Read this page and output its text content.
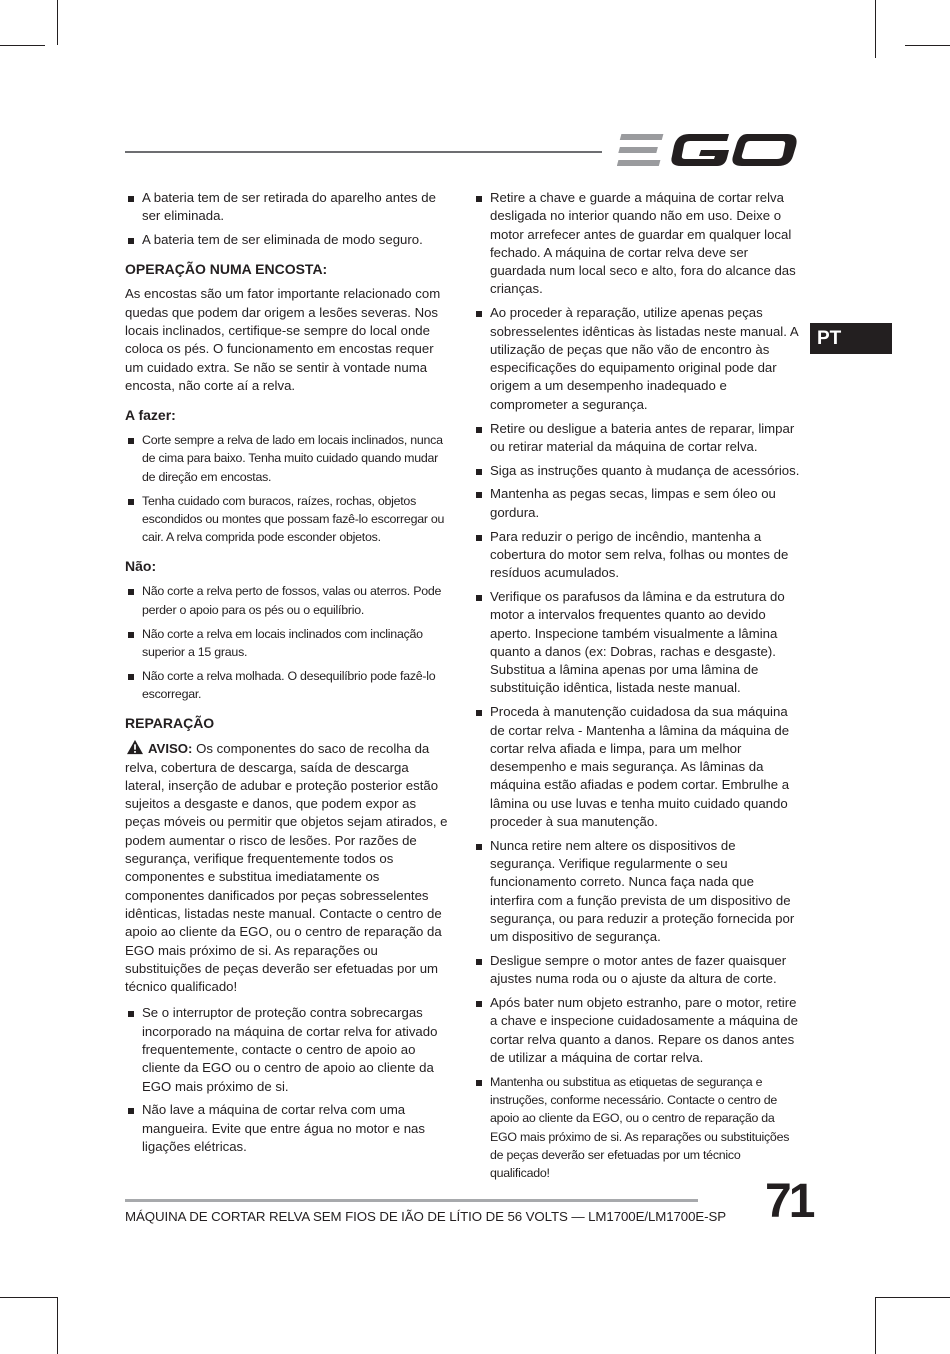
PT
A bateria tem de ser retirada do aparelho antes de ser eliminada.
A bateria tem de ser eliminada de modo seguro.
OPERAÇÃO NUMA ENCOSTA:

As encostas são um fator importante relacionado com quedas que podem dar origem a lesões severas. Nos locais inclinados, certifique-se sempre do local onde coloca os pés. O funcionamento em encostas requer um cuidado extra. Se não se sentir à vontade numa encosta, não corte aí a relva.

A fazer:
Corte sempre a relva de lado em locais inclinados, nunca de cima para baixo. Tenha muito cuidado quando mudar de direção em encostas.
Tenha cuidado com buracos, raízes, rochas, objetos escondidos ou montes que possam fazê-lo escorregar ou cair. A relva comprida pode esconder objetos.
Não:
Não corte a relva perto de fossos, valas ou aterros. Pode perder o apoio para os pés ou o equilíbrio.
Não corte a relva em locais inclinados com inclinação superior a 15 graus.
Não corte a relva molhada. O desequilíbrio pode fazê-lo escorregar.
REPARAÇÃO

AVISO: Os componentes do saco de recolha da relva, cobertura de descarga, saída de descarga lateral, inserção de adubar e proteção posterior estão sujeitos a desgaste e danos, que podem expor as peças móveis ou permitir que objetos sejam atirados, e podem aumentar o risco de lesões. Por razões de segurança, verifique frequentemente todos os componentes e substitua imediatamente os componentes danificados por peças sobresselentes idênticas, listadas neste manual. Contacte o centro de apoio ao cliente da EGO, ou o centro de reparação da EGO mais próximo de si. As reparações ou substituições de peças deverão ser efetuadas por um técnico qualificado!

Se o interruptor de proteção contra sobrecargas incorporado na máquina de cortar relva for ativado frequentemente, contacte o centro de apoio ao cliente da EGO ou o centro de apoio ao cliente da EGO mais próximo de si.
Não lave a máquina de cortar relva com uma mangueira. Evite que entre água no motor e nas ligações elétricas.
Retire a chave e guarde a máquina de cortar relva desligada no interior quando não em uso. Deixe o motor arrefecer antes de guardar em qualquer local fechado. A máquina de cortar relva deve ser guardada num local seco e alto, fora do alcance das crianças.
Ao proceder à reparação, utilize apenas peças sobresselentes idênticas às listadas neste manual. A utilização de peças que não vão de encontro às especificações do equipamento original pode dar origem a um desempenho inadequado e comprometer a segurança.
Retire ou desligue a bateria antes de reparar, limpar ou retirar material da máquina de cortar relva.
Siga as instruções quanto à mudança de acessórios.
Mantenha as pegas secas, limpas e sem óleo ou gordura.
Para reduzir o perigo de incêndio, mantenha a cobertura do motor sem relva, folhas ou montes de resíduos acumulados.
Verifique os parafusos da lâmina e da estrutura do motor a intervalos frequentes quanto ao devido aperto. Inspecione também visualmente a lâmina quanto a danos (ex: Dobras, rachas e desgaste). Substitua a lâmina apenas por uma lâmina de substituição idêntica, listada neste manual.
Proceda à manutenção cuidadosa da sua máquina de cortar relva - Mantenha a lâmina da máquina de cortar relva afiada e limpa, para um melhor desempenho e mais segurança. As lâminas da máquina estão afiadas e podem cortar. Embrulhe a lâmina ou use luvas e tenha muito cuidado quando proceder à sua manutenção.
Nunca retire nem altere os dispositivos de segurança. Verifique regularmente o seu funcionamento correto. Nunca faça nada que interfira com a função prevista de um dispositivo de segurança, ou para reduzir a proteção fornecida por um dispositivo de segurança.
Desligue sempre o motor antes de fazer quaisquer ajustes numa roda ou o ajuste da altura de corte.
Após bater num objeto estranho, pare o motor, retire a chave e inspecione cuidadosamente a máquina de cortar relva quanto a danos. Repare os danos antes de utilizar a máquina de cortar relva.
Mantenha ou substitua as etiquetas de segurança e instruções, conforme necessário. Contacte o centro de apoio ao cliente da EGO, ou o centro de reparação da EGO mais próximo de si. As reparações ou substituições de peças deverão ser efetuadas por um técnico qualificado!
MÁQUINA DE CORTAR RELVA SEM FIOS DE IÃO DE LÍTIO DE 56 VOLTS — LM1700E/LM1700E-SP 71
